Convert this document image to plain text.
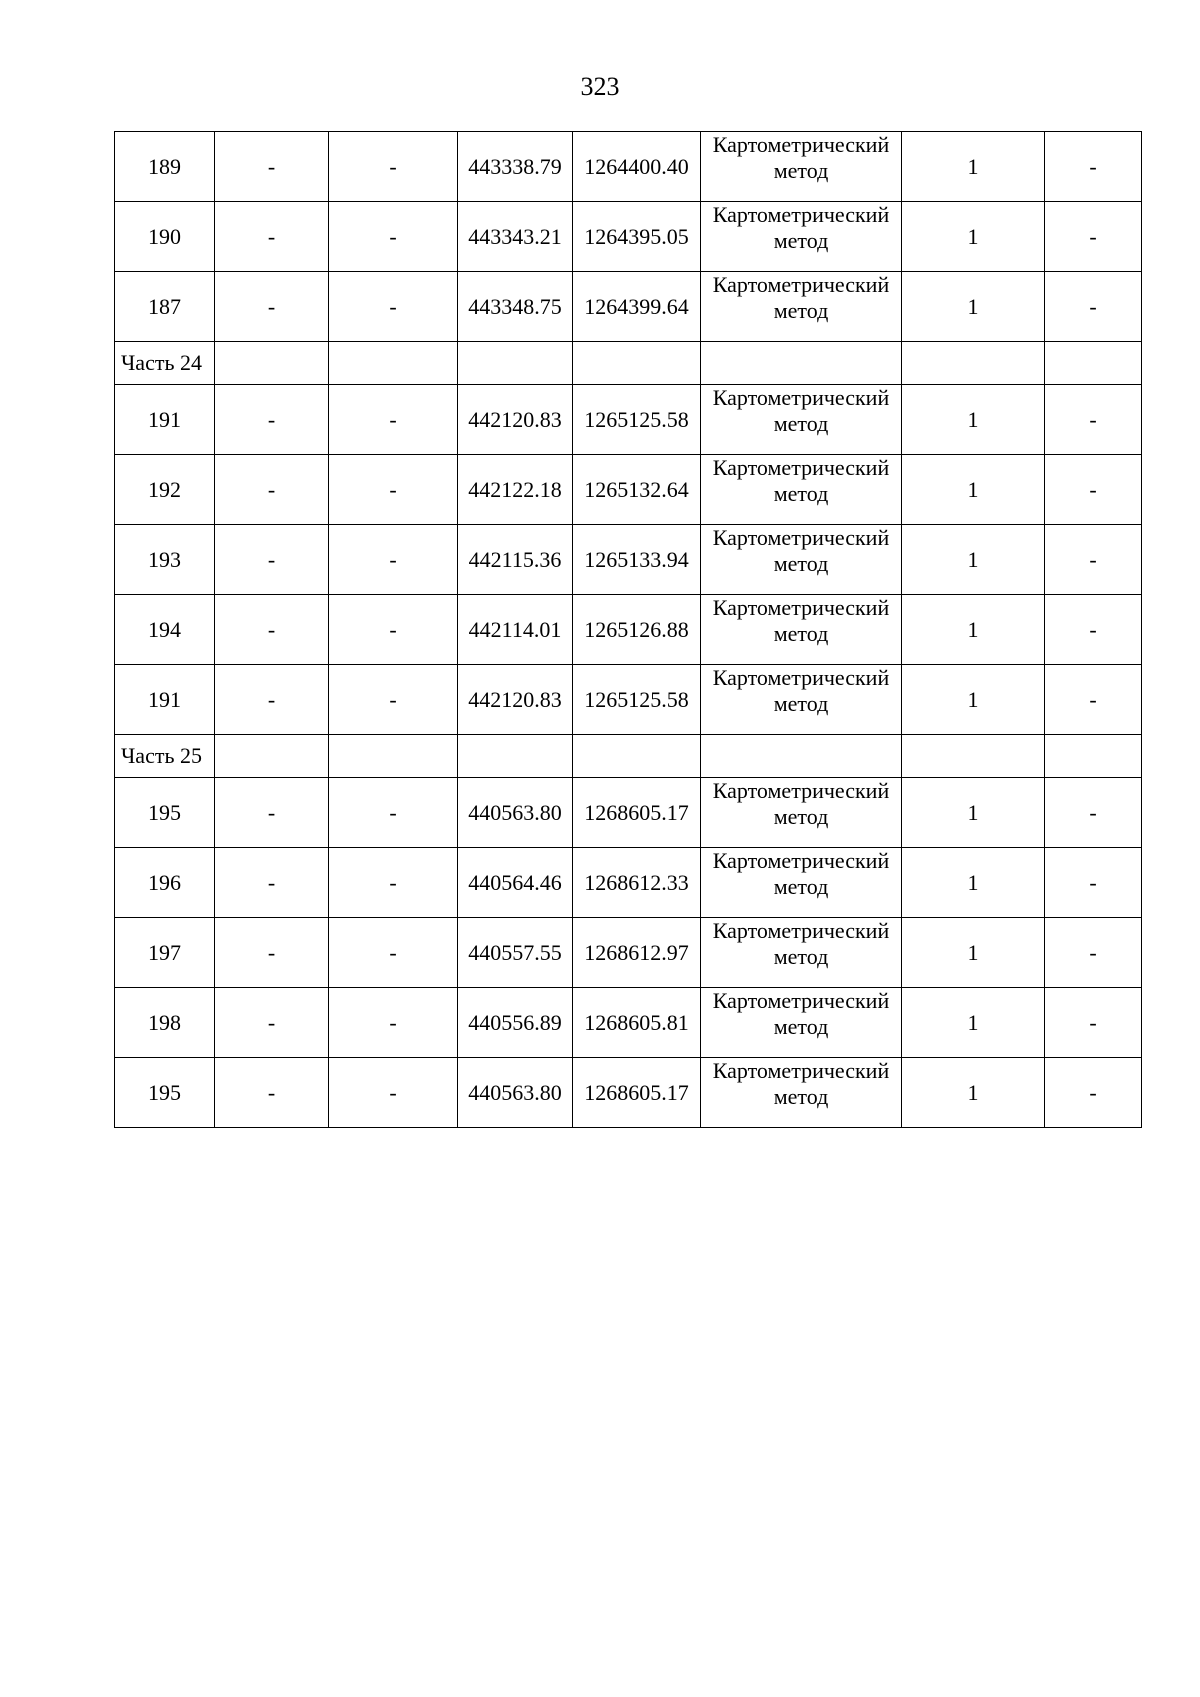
323
189	-	-	443338.79	1264400.40	Картометрический метод	1	-
190	-	-	443343.21	1264395.05	Картометрический метод	1	-
187	-	-	443348.75	1264399.64	Картометрический метод	1	-
Часть 24							
191	-	-	442120.83	1265125.58	Картометрический метод	1	-
192	-	-	442122.18	1265132.64	Картометрический метод	1	-
193	-	-	442115.36	1265133.94	Картометрический метод	1	-
194	-	-	442114.01	1265126.88	Картометрический метод	1	-
191	-	-	442120.83	1265125.58	Картометрический метод	1	-
Часть 25							
195	-	-	440563.80	1268605.17	Картометрический метод	1	-
196	-	-	440564.46	1268612.33	Картометрический метод	1	-
197	-	-	440557.55	1268612.97	Картометрический метод	1	-
198	-	-	440556.89	1268605.81	Картометрический метод	1	-
195	-	-	440563.80	1268605.17	Картометрический метод	1	-
